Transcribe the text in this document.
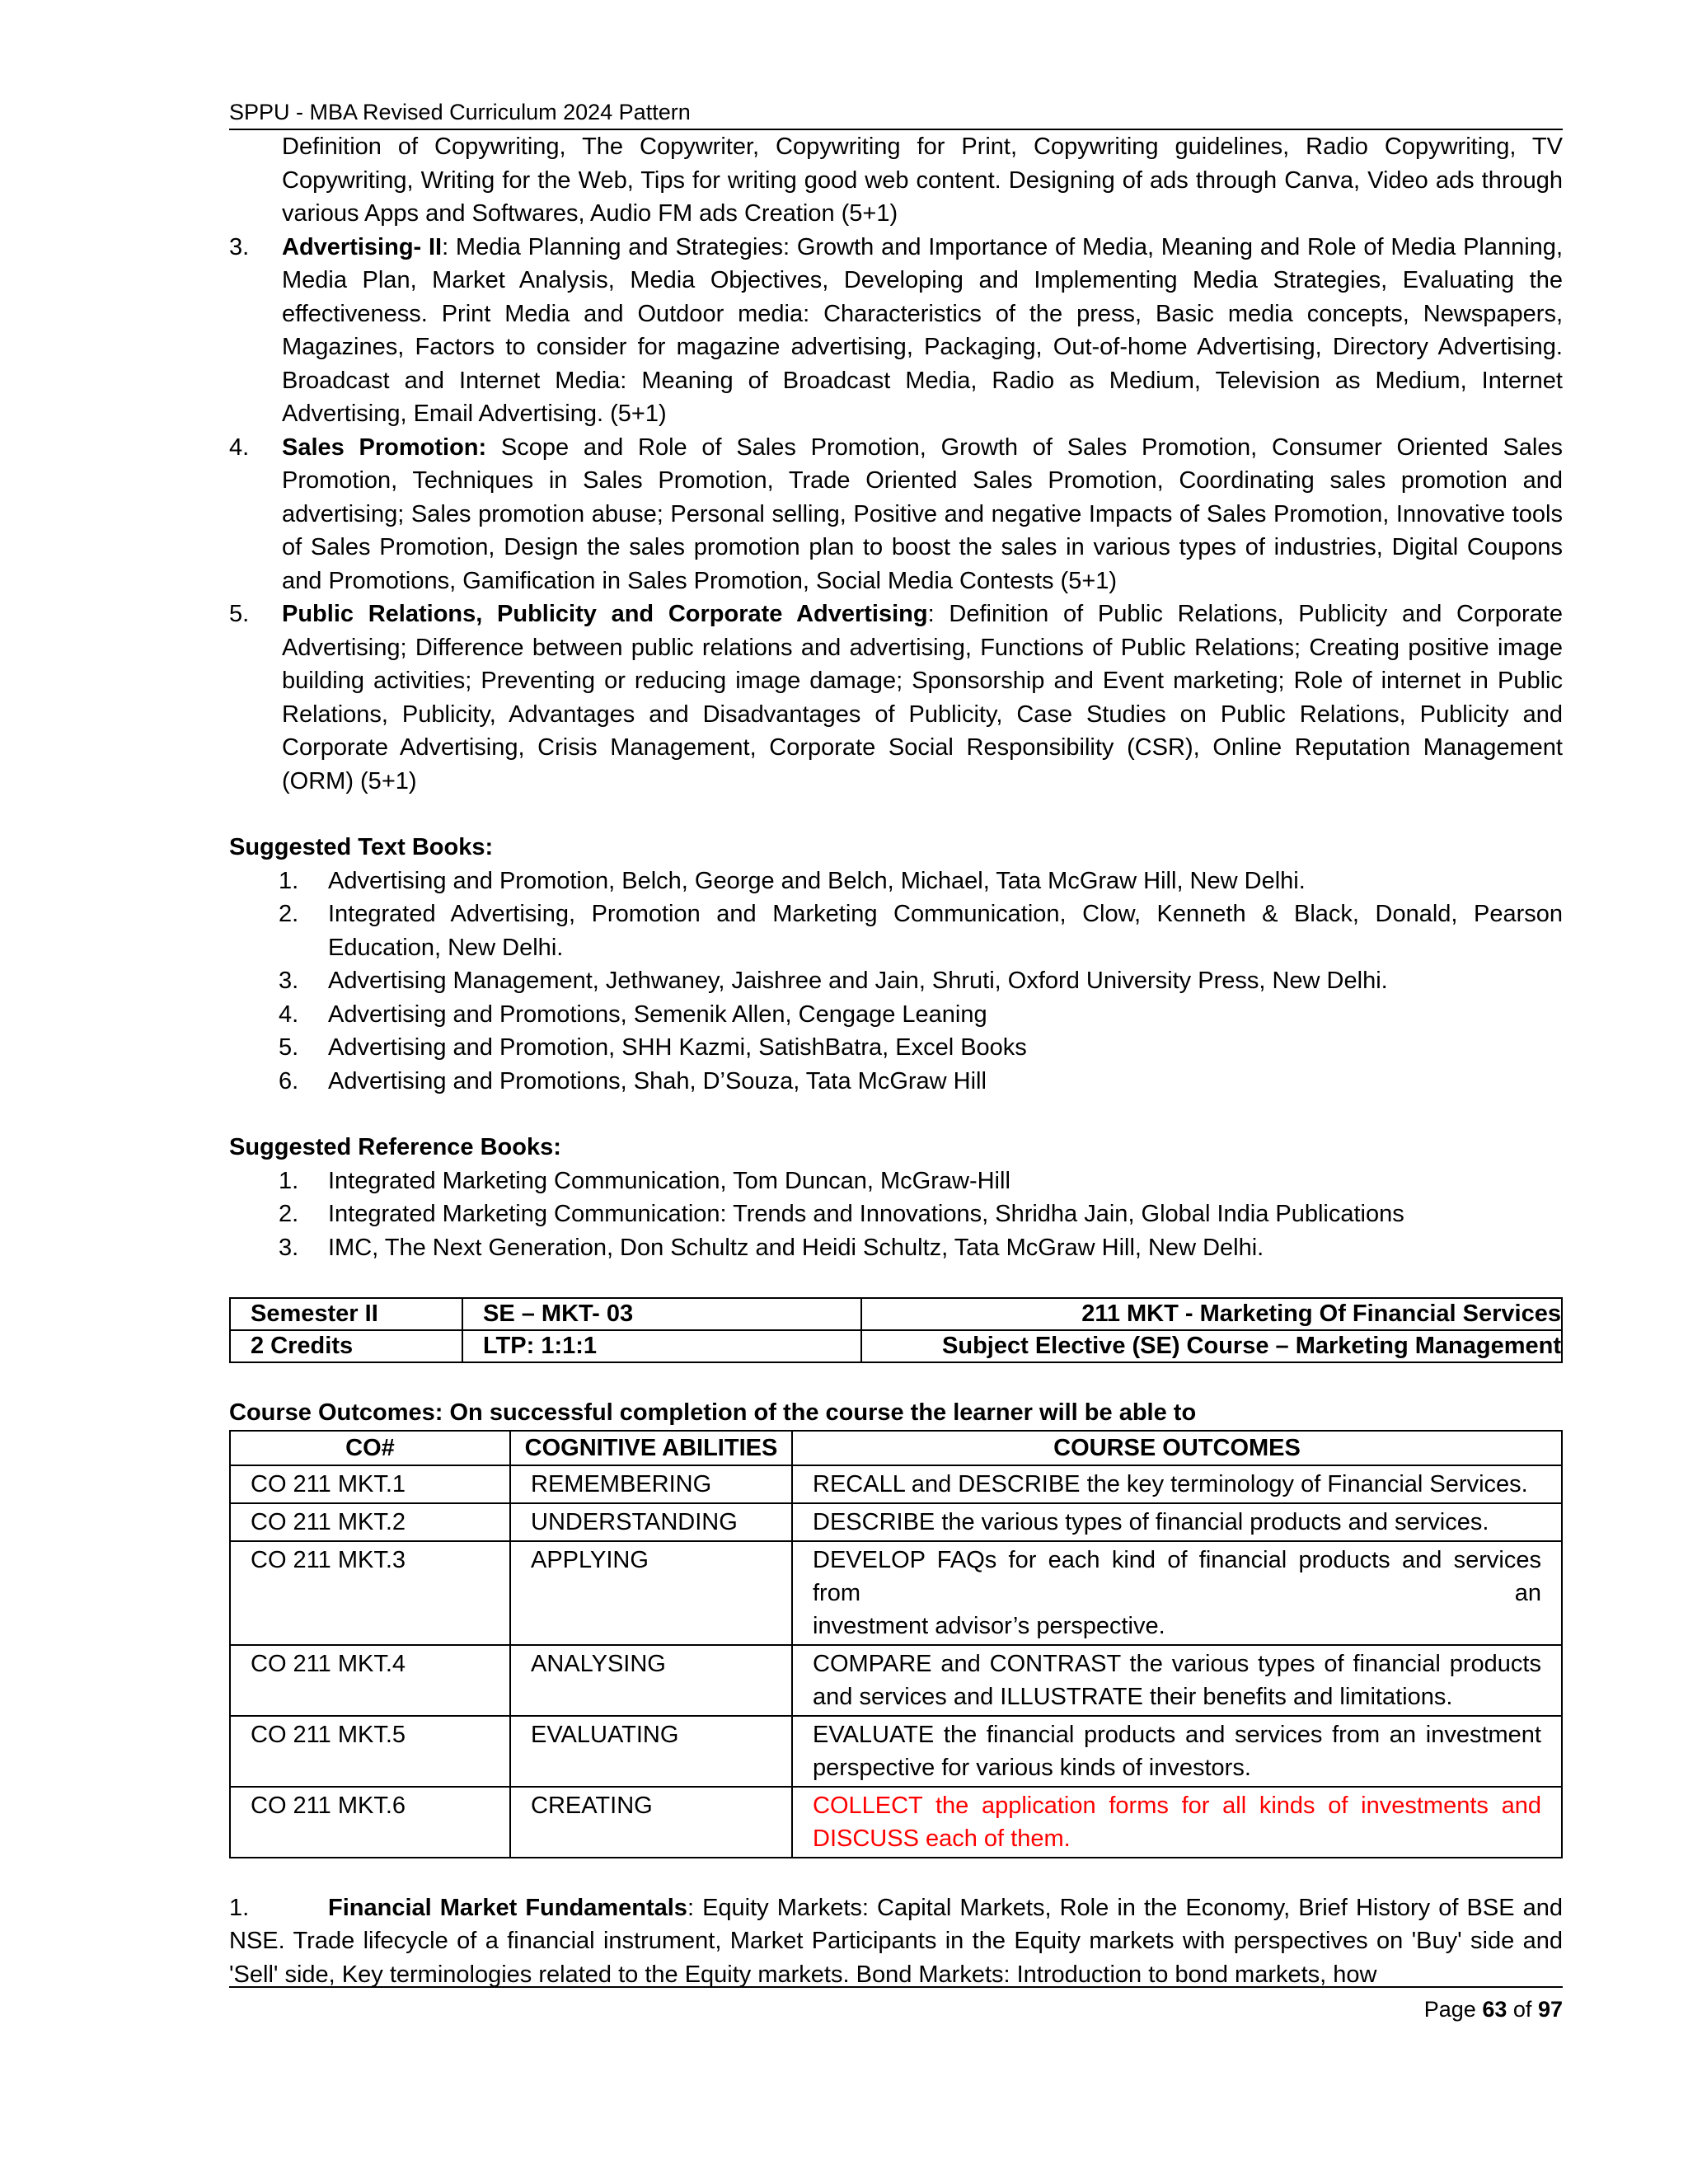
SPPU - MBA Revised Curriculum 2024 Pattern
Definition of Copywriting, The Copywriter, Copywriting for Print, Copywriting guidelines, Radio Copywriting, TV Copywriting, Writing for the Web, Tips for writing good web content. Designing of ads through Canva, Video ads through various Apps and Softwares, Audio FM ads Creation (5+1)
3.	Advertising- II: Media Planning and Strategies: Growth and Importance of Media, Meaning and Role of Media Planning, Media Plan, Market Analysis, Media Objectives, Developing and Implementing Media Strategies, Evaluating the effectiveness. Print Media and Outdoor media: Characteristics of the press, Basic media concepts, Newspapers, Magazines, Factors to consider for magazine advertising, Packaging, Out-of-home Advertising, Directory Advertising. Broadcast and Internet Media: Meaning of Broadcast Media, Radio as Medium, Television as Medium, Internet Advertising, Email Advertising. (5+1)
4.	Sales Promotion: Scope and Role of Sales Promotion, Growth of Sales Promotion, Consumer Oriented Sales Promotion, Techniques in Sales Promotion, Trade Oriented Sales Promotion, Coordinating sales promotion and advertising; Sales promotion abuse; Personal selling, Positive and negative Impacts of Sales Promotion, Innovative tools of Sales Promotion, Design the sales promotion plan to boost the sales in various types of industries, Digital Coupons and Promotions, Gamification in Sales Promotion, Social Media Contests (5+1)
5.	Public Relations, Publicity and Corporate Advertising: Definition of Public Relations, Publicity and Corporate Advertising; Difference between public relations and advertising, Functions of Public Relations; Creating positive image building activities; Preventing or reducing image damage; Sponsorship and Event marketing; Role of internet in Public Relations, Publicity, Advantages and Disadvantages of Publicity, Case Studies on Public Relations, Publicity and Corporate Advertising, Crisis Management, Corporate Social Responsibility (CSR), Online Reputation Management (ORM) (5+1)
Suggested Text Books:
1.	Advertising and Promotion, Belch, George and Belch, Michael, Tata McGraw Hill, New Delhi.
2.	Integrated Advertising, Promotion and Marketing Communication, Clow, Kenneth & Black, Donald, Pearson Education, New Delhi.
3.	Advertising Management, Jethwaney, Jaishree and Jain, Shruti, Oxford University Press, New Delhi.
4.	Advertising and Promotions, Semenik Allen, Cengage Leaning
5.	Advertising and Promotion, SHH Kazmi, SatishBatra, Excel Books
6.	Advertising and Promotions, Shah, D’Souza, Tata McGraw Hill
Suggested Reference Books:
1.	Integrated Marketing Communication, Tom Duncan, McGraw-Hill
2.	Integrated Marketing Communication: Trends and Innovations, Shridha Jain, Global India Publications
3.	IMC, The Next Generation, Don Schultz and Heidi Schultz, Tata McGraw Hill, New Delhi.
Semester II	SE – MKT- 03	211 MKT - Marketing Of Financial Services
2 Credits	LTP: 1:1:1	Subject Elective (SE) Course – Marketing Management
Course Outcomes: On successful completion of the course the learner will be able to
CO#	COGNITIVE ABILITIES	COURSE OUTCOMES
CO 211 MKT.1	REMEMBERING	RECALL and DESCRIBE the key terminology of Financial Services.
CO 211 MKT.2	UNDERSTANDING	DESCRIBE the various types of financial products and services.
CO 211 MKT.3	APPLYING	DEVELOP FAQs for each kind of financial products and services from an
investment advisor’s perspective.

CO 211 MKT.4	ANALYSING	COMPARE and CONTRAST the various types of financial products and services and ILLUSTRATE their benefits and limitations.
CO 211 MKT.5	EVALUATING	EVALUATE the financial products and services from an investment perspective for various kinds of investors.
CO 211 MKT.6	CREATING	COLLECT the application forms for all kinds of investments and DISCUSS each of them.
1.	Financial Market Fundamentals: Equity Markets: Capital Markets, Role in the Economy, Brief History of BSE and NSE. Trade lifecycle of a financial instrument, Market Participants in the Equity markets with perspectives on 'Buy' side and 'Sell' side, Key terminologies related to the Equity markets. Bond Markets: Introduction to bond markets, how
Page 63 of 97
